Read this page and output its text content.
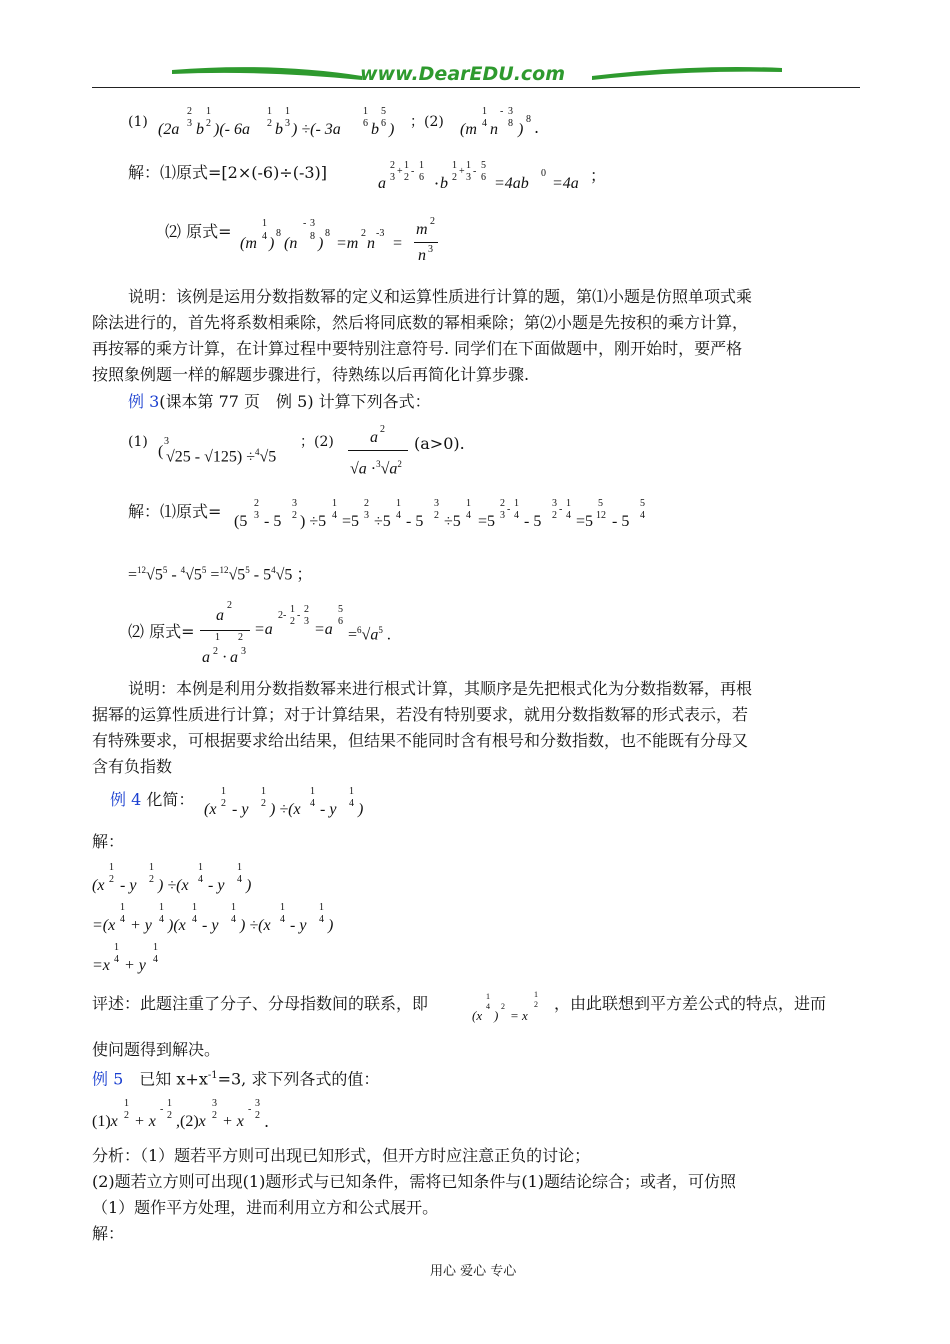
www.DearEDU.com
(1) (2a
2
3 b
1
2 )(- 6a
1
2 b
1
3 ) ÷(- 3a
1
6 b
5
6 ) ；(2) (m
1
4 n
- 3
8 )
8 .
解：⑴原式=[2×(-6)÷(-3)]
a
2
3
+
1
2
-
1
6 · b
1
2
+
1
3
-
5
6 =4ab
0
=4a ；
⑵ 原式=
(m
1
4 )
8
(n
- 3
8 )
8
=m
2
n
-3
=
m 2
n 3

说明：该例是运用分数指数幂的定义和运算性质进行计算的题，第⑴小题是仿照单项式乘

除法进行的，首先将系数相乘除，然后将同底数的幂相乘除；第⑵小题是先按积的乘方计算，

再按幂的乘方计算，在计算过程中要特别注意符号. 同学们在下面做题中，刚开始时，要严格

按照象例题一样的解题步骤进行，待熟练以后再简化计算步骤.

例 3(课本第 77 页　例 5) 计算下列各式：
(1)
(
3
√25 - √125) ÷$^4$√5
；(2) a 2
$√a \cdot^3√a^2$
(a>0).
解：⑴原式=
(5
2
3 - 5
3
2 ) ÷5
1
4 =5
2
3 ÷5
1
4 - 5
3
2 ÷5
1
4 =5
2
3
-
1
4 - 5
3
2
-
1
4 =5
5
12 - 5
5
4
$=^{12}√5^5 - ^4√5^5 =^{12}√5^5 - 5^4√5$ ；
⑵ 原式=
a
2
1 2
a 2 · a 3
=a
2-
1
2
-
2
3 =a
5
6
$=^6√a^5$ .

说明：本例是利用分数指数幂来进行根式计算，其顺序是先把根式化为分数指数幂，再根

据幂的运算性质进行计算；对于计算结果，若没有特别要求，就用分数指数幂的形式表示，若

有特殊要求，可根据要求给出结果，但结果不能同时含有根号和分数指数，也不能既有分母又

含有负指数

例 4 化简：
(x
1
2 - y
1
2 ) ÷(x
1
4 - y
1
4 )
解：
(x
1
2 - y
1
2 ) ÷(x
1
4 - y
1
4 )
=(x
1
4 + y
1
4 )(x
1
4 - y
1
4 ) ÷(x
1
4 - y
1
4 )
=x
1
4 + y
1
4
评述：此题注重了分子、分母指数间的联系，即
(x
1
4
)
2
= x
1
2 ，由此联想到平方差公式的特点，进而
使问题得到解决。
例 5　 已知 $x+x^{-1}=3$, 求下列各式的值：
(1)x
1
2 + x
-
1
2 ,(2)x
3
2 + x
-
3
2 .
分析：（1）题若平方则可出现已知形式，但开方时应注意正负的讨论；
(2)题若立方则可出现(1)题形式与已知条件，需将已知条件与(1)题结论综合；或者，可仿照
（1）题作平方处理，进而利用立方和公式展开。
解：
用心 爱心 专心
